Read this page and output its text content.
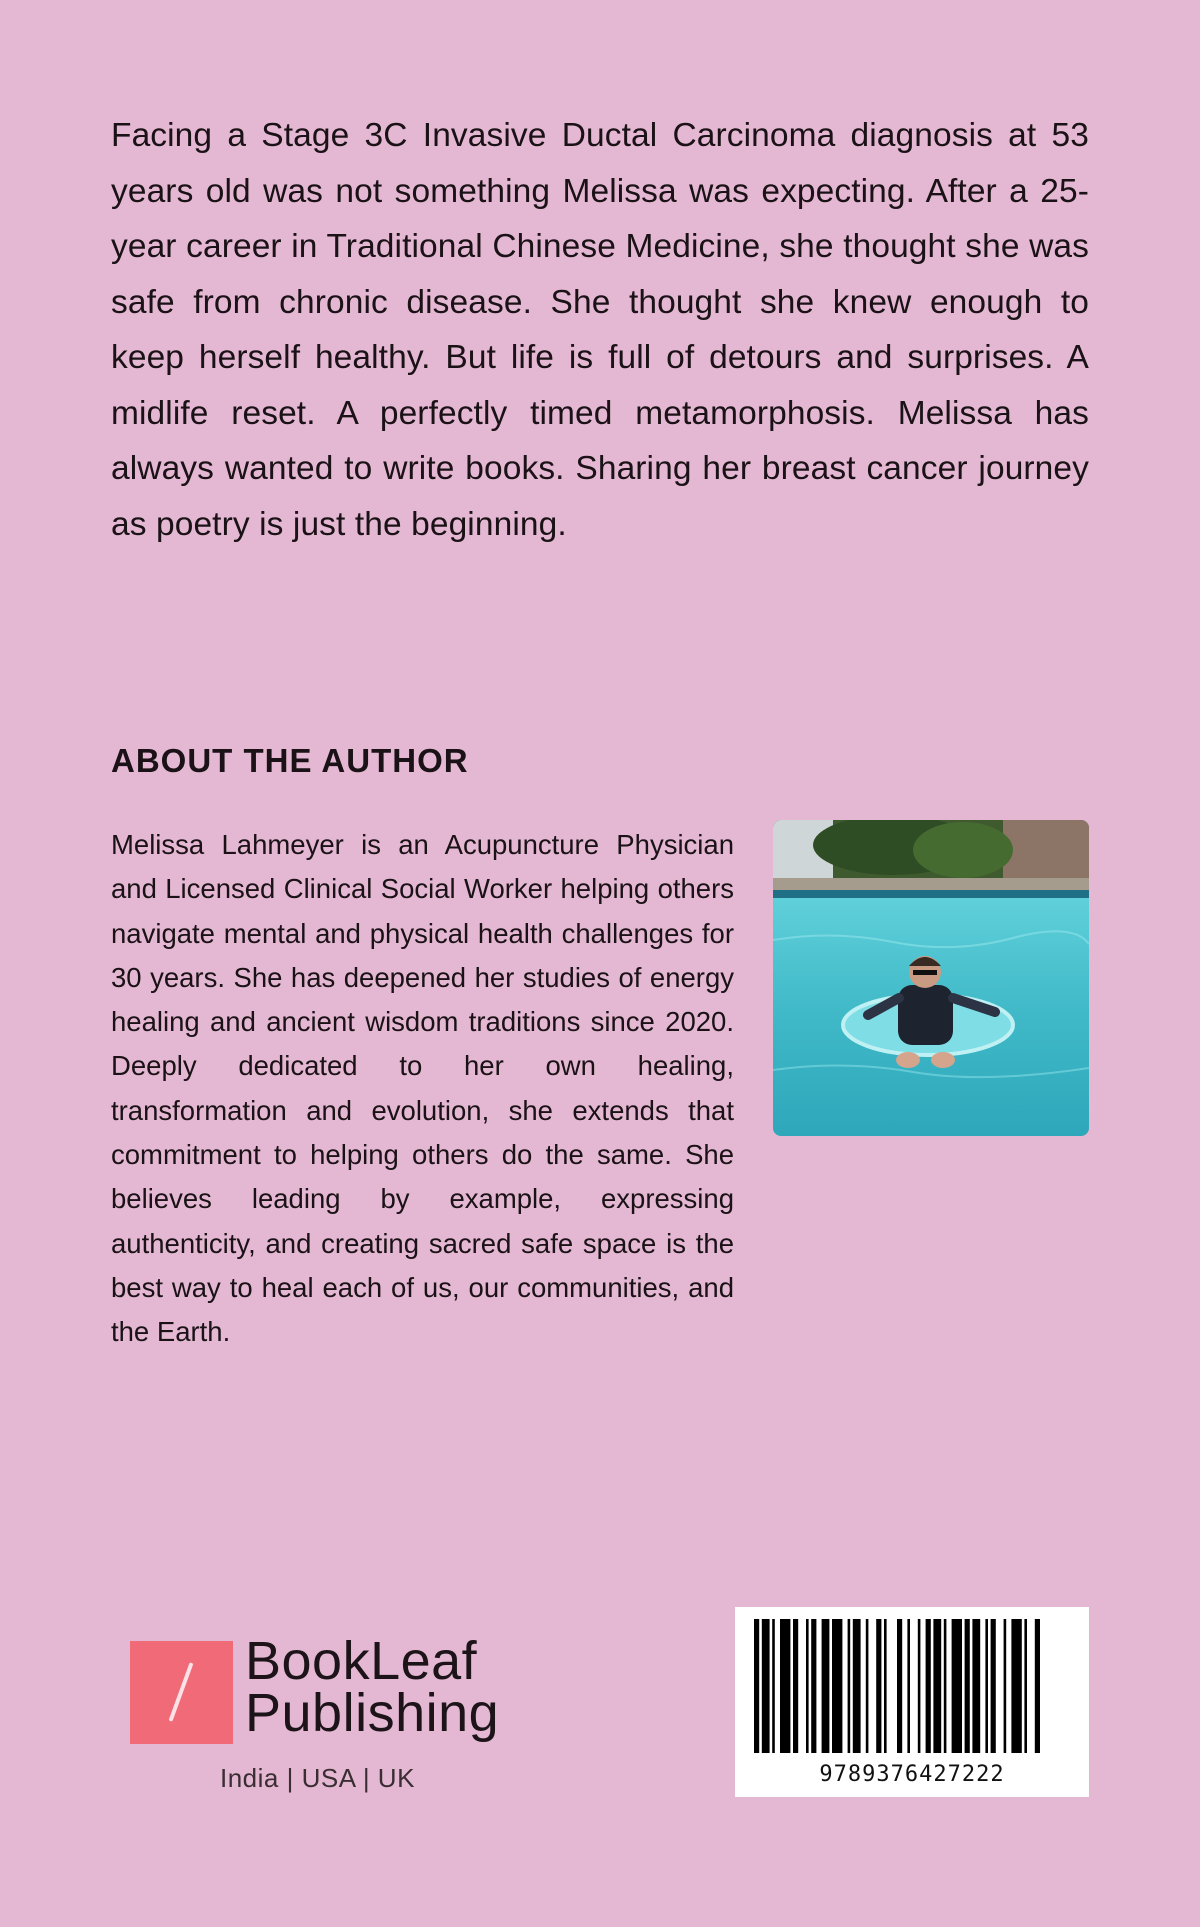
Facing a Stage 3C Invasive Ductal Carcinoma diagnosis at 53 years old was not something Melissa was expecting. After a 25-year career in Traditional Chinese Medicine, she thought she was safe from chronic disease. She thought she knew enough to keep herself healthy. But life is full of detours and surprises. A midlife reset. A perfectly timed metamorphosis. Melissa has always wanted to write books. Sharing her breast cancer journey as poetry is just the beginning.

ABOUT THE AUTHOR

Melissa Lahmeyer is an Acupuncture Physician and Licensed Clinical Social Worker helping others navigate mental and physical health challenges for 30 years. She has deepened her studies of energy healing and ancient wisdom traditions since 2020. Deeply dedicated to her own healing, transformation and evolution, she extends that commitment to helping others do the same. She believes leading by example, expressing authenticity, and creating sacred safe space is the best way to heal each of us, our communities, and the Earth.

BookLeaf
Publishing
India | USA | UK	9789376427222
